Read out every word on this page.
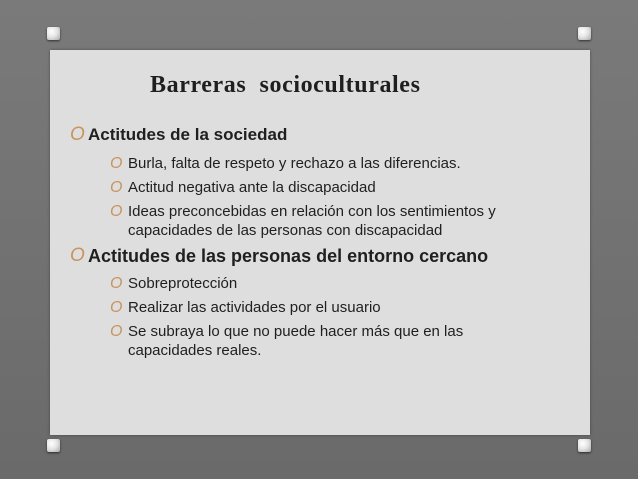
Barreras  socioculturales
O Actitudes de la sociedad
O Burla, falta de respeto y rechazo a las diferencias.
O Actitud negativa ante la discapacidad
O Ideas preconcebidas en relación con los sentimientos y capacidades de las personas con discapacidad
O Actitudes de las personas del entorno cercano
O Sobreprotección
O Realizar las actividades por el usuario
O Se subraya lo que no puede hacer más que en las capacidades reales.
